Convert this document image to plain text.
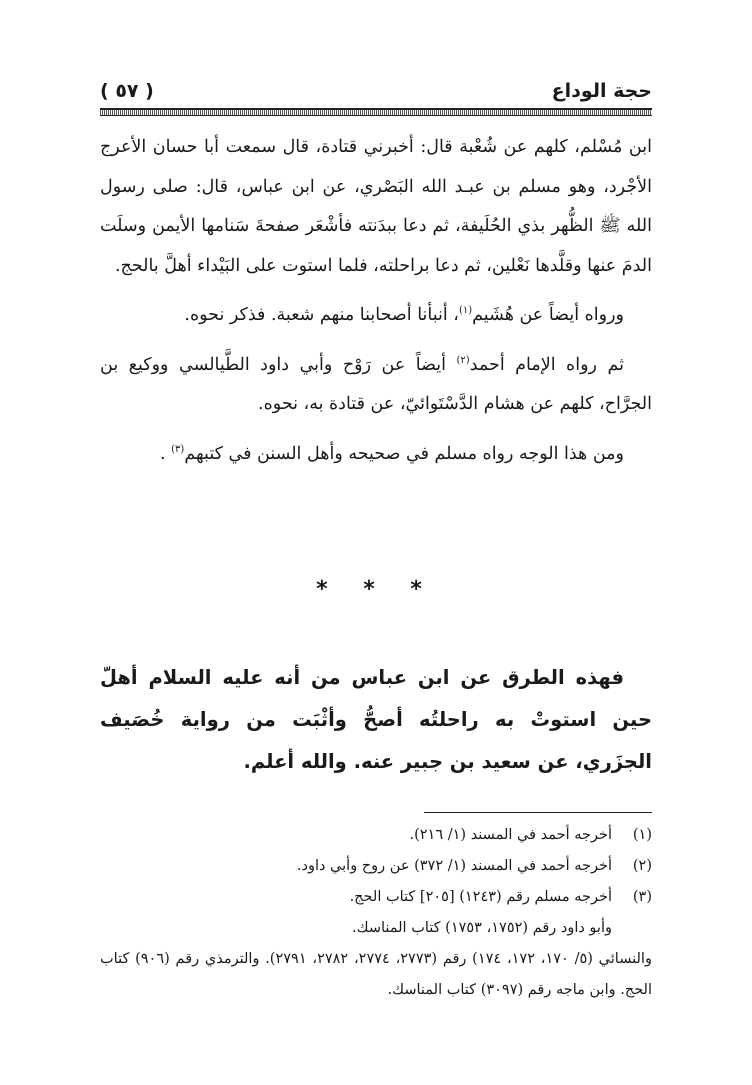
حجة الوداع
( ٥٧ )

ابن مُسْلم، كلهم عن شُعْبة قال: أخبرني قتادة، قال سمعت أبا حسان الأعرج الأجْرد، وهو مسلم بن عبـد الله البَصْري، عن ابن عباس، قال: صلى رسول الله ﷺ الظُّهر بذي الحُلَيفة، ثم دعا ببدَنته فأشْعَر صفحةَ سَنامها الأيمن وسلَت الدمَ عنها وقلَّدها نَعْلين، ثم دعا براحلته، فلما استوت على البَيْداء أهلَّ بالحج.

ورواه أيضاً عن هُشَيم$^{(١)}$، أنبأنا أصحابنا منهم شعبة. فذكر نحوه.

ثم رواه الإمام أحمد$^{(٢)}$ أيضاً عن رَوْح وأبي داود الطَّيالسي ووكيع بن الجرَّاح، كلهم عن هشام الدَّسْتَوائيّ، عن قتادة به، نحوه.

ومن هذا الوجه رواه مسلم في صحيحه وأهل السنن في كتبهم$^{(٣)}$ .

* * *

فهذه الطرق عن ابن عباس من أنه عليه السلام أهلّ حين استوتْ به راحلتُه أصحُّ وأثْبَت من رواية خُصَيف الجزَري، عن سعيد بن جبير عنه. والله أعلم.

(١)
أخرجه أحمد في المسند (١/ ٢١٦).
(٢)
أخرجه أحمد في المسند (١/ ٣٧٢) عن روح وأبي داود.
(٣)
أخرجه مسلم رقم (١٢٤٣) [٢٠٥] كتاب الحج.
وأبو داود رقم (١٧٥٢، ١٧٥٣) كتاب المناسك.
والنسائي (٥/ ١٧٠، ١٧٢، ١٧٤) رقم (٢٧٧٣، ٢٧٧٤، ٢٧٨٢، ٢٧٩١). والترمذي رقم (٩٠٦) كتاب الحج. وابن ماجه رقم (٣٠٩٧) كتاب المناسك.
